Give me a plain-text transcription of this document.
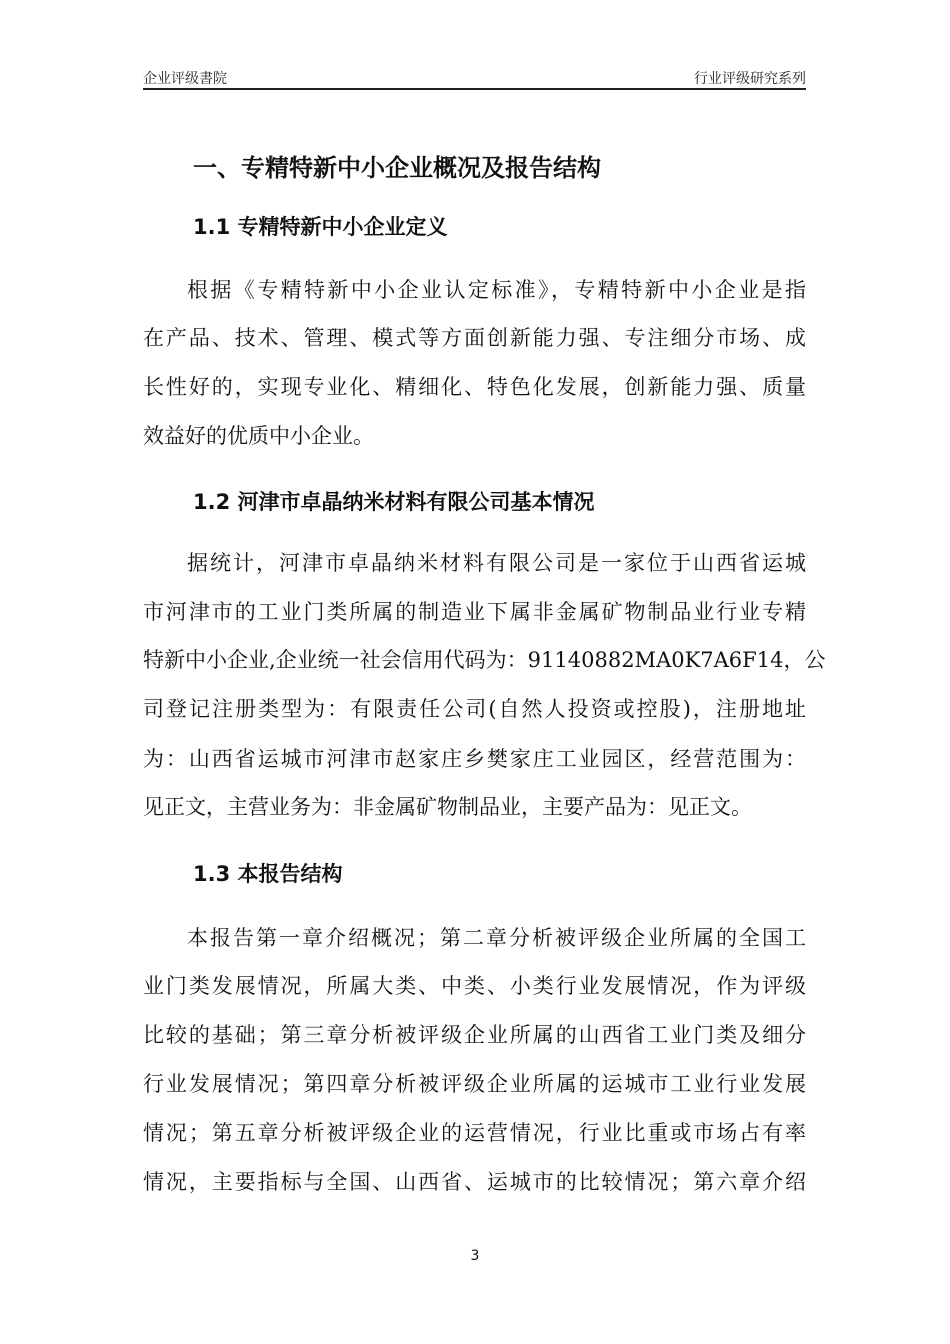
企业评级書院	行业评级研究系列
一、专精特新中小企业概况及报告结构
1.1 专精特新中小企业定义
根据《专精特新中小企业认定标准》，专精特新中小企业是指
在产品、技术、管理、模式等方面创新能力强、专注细分市场、成
长性好的，实现专业化、精细化、特色化发展，创新能力强、质量
效益好的优质中小企业。
1.2 河津市卓晶纳米材料有限公司基本情况
据统计，河津市卓晶纳米材料有限公司是一家位于山西省运城
市河津市的工业门类所属的制造业下属非金属矿物制品业行业专精
特新中小企业,企业统一社会信用代码为：91140882MA0K7A6F14，公
司登记注册类型为：有限责任公司(自然人投资或控股)，注册地址
为：山西省运城市河津市赵家庄乡樊家庄工业园区，经营范围为：
见正文，主营业务为：非金属矿物制品业，主要产品为：见正文。
1.3 本报告结构
本报告第一章介绍概况；第二章分析被评级企业所属的全国工
业门类发展情况，所属大类、中类、小类行业发展情况，作为评级
比较的基础；第三章分析被评级企业所属的山西省工业门类及细分
行业发展情况；第四章分析被评级企业所属的运城市工业行业发展
情况；第五章分析被评级企业的运营情况，行业比重或市场占有率
情况，主要指标与全国、山西省、运城市的比较情况；第六章介绍
3
